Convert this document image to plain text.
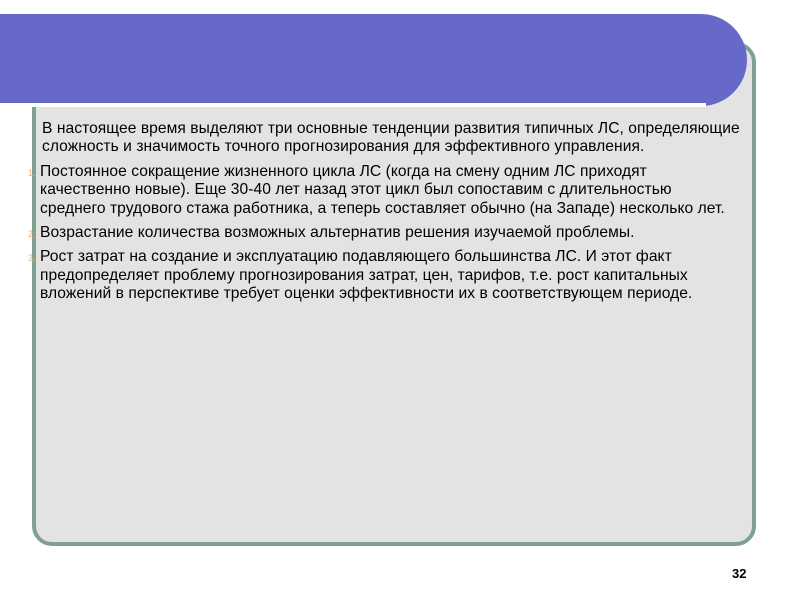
В настоящее время выделяют три основные тенденции развития типичных ЛС, определяющие сложность и значимость точного прогнозирования для эффективного управления.

1. Постоянное сокращение жизненного цикла ЛС (когда на смену одним ЛС приходят качественно новые). Еще 30-40 лет назад этот цикл был сопоставим с длительностью среднего трудового стажа работника, а теперь составляет обычно (на Западе) несколько лет.

2. Возрастание количества возможных альтернатив решения изучаемой проблемы.

3. Рост затрат на создание и эксплуатацию подавляющего большинства ЛС. И этот факт предопределяет проблему прогнозирования затрат, цен, тарифов, т.е. рост капитальных вложений в перспективе требует оценки эффективности их в соответствующем периоде.

32
